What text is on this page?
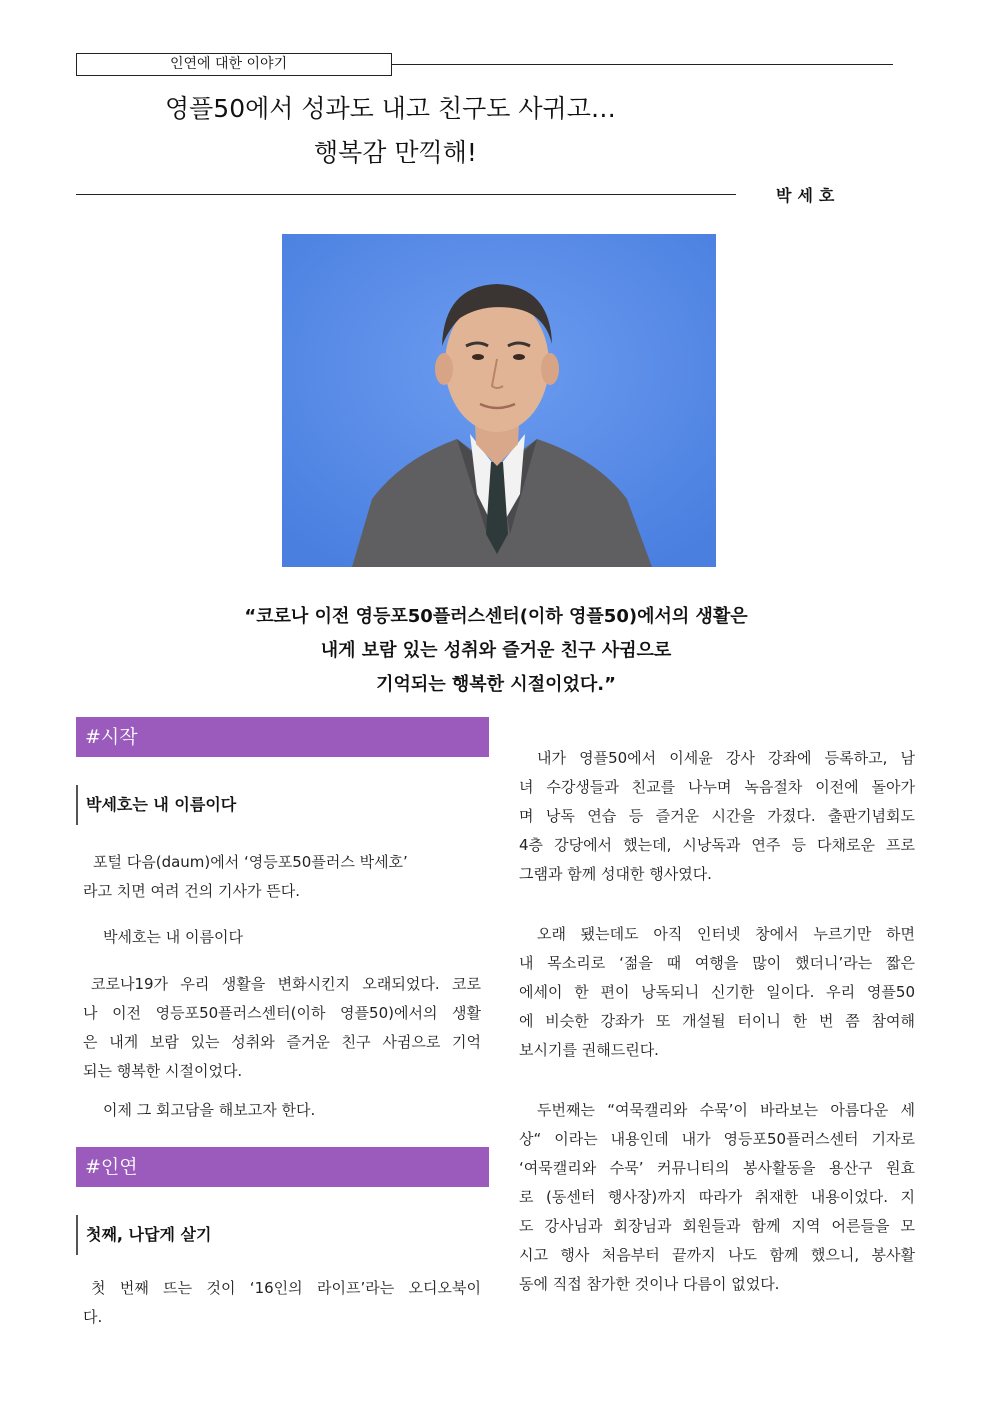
인연에 대한 이야기
영플50에서 성과도 내고 친구도 사귀고…
행복감 만끽해!
박세호
“코로나 이전 영등포50플러스센터(이하 영플50)에서의 생활은
내게 보람 있는 성취와 즐거운 친구 사귐으로
기억되는 행복한 시절이었다.”
#시작
박세호는 내 이름이다
포털 다음(daum)에서 ‘영등포50플러스 박세호’
라고 치면 여려 건의 기사가 뜬다.
박세호는 내 이름이다
코로나19가 우리 생활을 변화시킨지 오래되었다. 코로
나 이전 영등포50플러스센터(이하 영플50)에서의 생활
은 내게 보람 있는 성취와 즐거운 친구 사귐으로 기억
되는 행복한 시절이었다.
이제 그 회고담을 해보고자 한다.
#인연
첫째, 나답게 살기
첫 번째 뜨는 것이 ‘16인의 라이프’라는 오디오북이
다.
내가 영플50에서 이세윤 강사 강좌에 등록하고, 남
녀 수강생들과 친교를 나누며 녹음절차 이전에 돌아가
며 낭독 연습 등 즐거운 시간을 가졌다. 출판기념회도
4층 강당에서 했는데, 시낭독과 연주 등 다채로운 프로
그램과 함께 성대한 행사였다.
오래 됐는데도 아직 인터넷 창에서 누르기만 하면
내 목소리로 ‘젊을 때 여행을 많이 했더니’라는 짧은
에세이 한 편이 낭독되니 신기한 일이다. 우리 영플50
에 비슷한 강좌가 또 개설될 터이니 한 번 쯤 참여해
보시기를 권해드린다.
두번째는 “여묵캘리와 수묵’이 바라보는 아름다운 세
상“ 이라는 내용인데 내가 영등포50플러스센터 기자로
‘여묵캘리와 수묵’ 커뮤니티의 봉사활동을 용산구 원효
로 (동센터 행사장)까지 따라가 취재한 내용이었다. 지
도 강사님과 회장님과 회원들과 함께 지역 어른들을 모
시고 행사 처음부터 끝까지 나도 함께 했으니, 봉사활
동에 직접 참가한 것이나 다름이 없었다.
